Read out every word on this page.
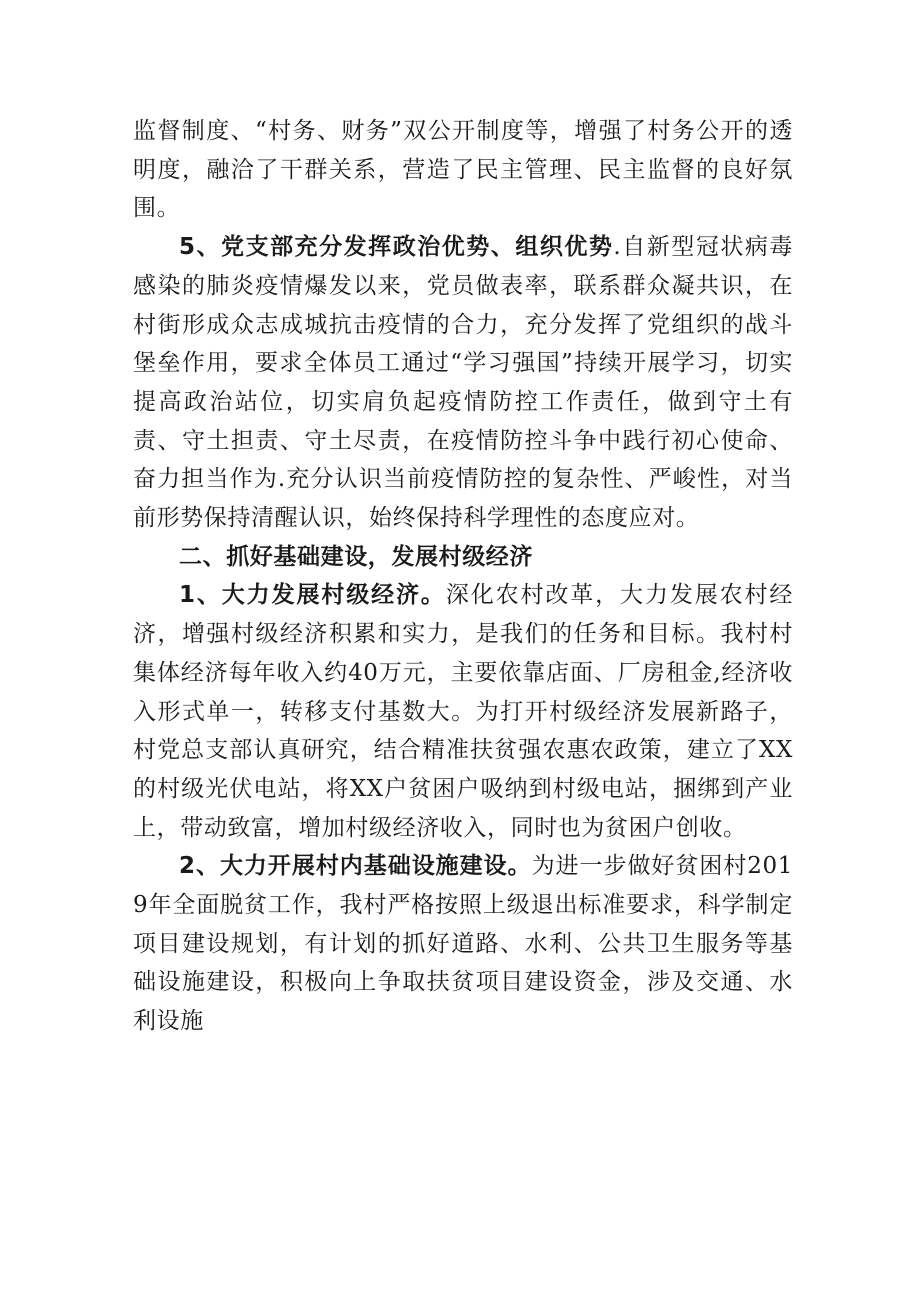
监督制度、“村务、财务”双公开制度等，增强了村务公开的透明度，融洽了干群关系，营造了民主管理、民主监督的良好氛围。

5、党支部充分发挥政治优势、组织优势.自新型冠状病毒感染的肺炎疫情爆发以来，党员做表率，联系群众凝共识，在村街形成众志成城抗击疫情的合力，充分发挥了党组织的战斗堡垒作用，要求全体员工通过“学习强国”持续开展学习，切实提高政治站位，切实肩负起疫情防控工作责任，做到守土有责、守土担责、守土尽责，在疫情防控斗争中践行初心使命、奋力担当作为.充分认识当前疫情防控的复杂性、严峻性，对当前形势保持清醒认识，始终保持科学理性的态度应对。

二、抓好基础建设，发展村级经济

1、大力发展村级经济。深化农村改革，大力发展农村经济，增强村级经济积累和实力，是我们的任务和目标。我村村集体经济每年收入约40万元，主要依靠店面、厂房租金,经济收入形式单一，转移支付基数大。为打开村级经济发展新路子，村党总支部认真研究，结合精准扶贫强农惠农政策，建立了XX的村级光伏电站，将XX户贫困户吸纳到村级电站，捆绑到产业上，带动致富，增加村级经济收入，同时也为贫困户创收。

2、大力开展村内基础设施建设。为进一步做好贫困村2019年全面脱贫工作，我村严格按照上级退出标准要求，科学制定项目建设规划，有计划的抓好道路、水利、公共卫生服务等基础设施建设，积极向上争取扶贫项目建设资金，涉及交通、水利设施
